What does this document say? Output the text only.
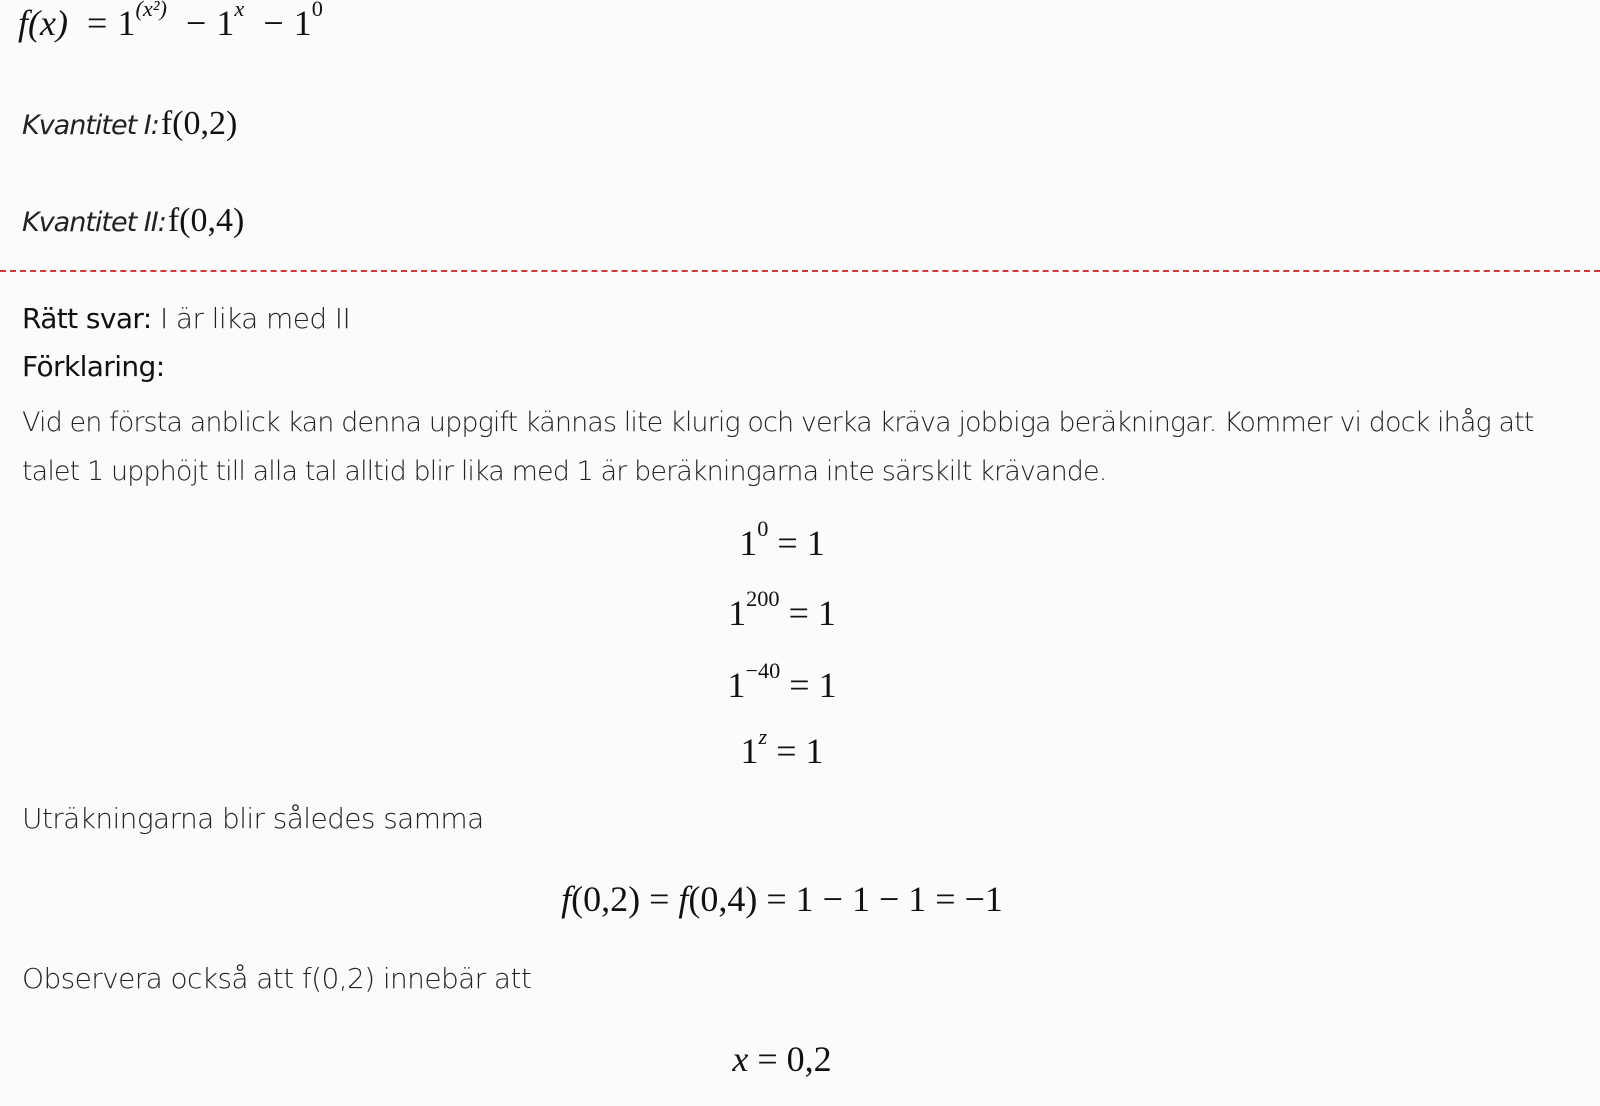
$f(x) = 1^{(x^2)} - 1^x - 1^0$
Kvantitet I: f(0,2)
Kvantitet II: f(0,4)
Rätt svar: I är lika med II
Förklaring:
Vid en första anblick kan denna uppgift kännas lite klurig och verka kräva jobbiga beräkningar. Kommer vi dock ihåg att talet 1 upphöjt till alla tal alltid blir lika med 1 är beräkningarna inte särskilt krävande.
$1^0 = 1$
$1^{200} = 1$
$1^{-40} = 1$
$1^z = 1$
Uträkningarna blir således samma
f(0,2) = f(0,4) = 1 − 1 − 1 = −1
Observera också att f(0,2) innebär att
x = 0,2
